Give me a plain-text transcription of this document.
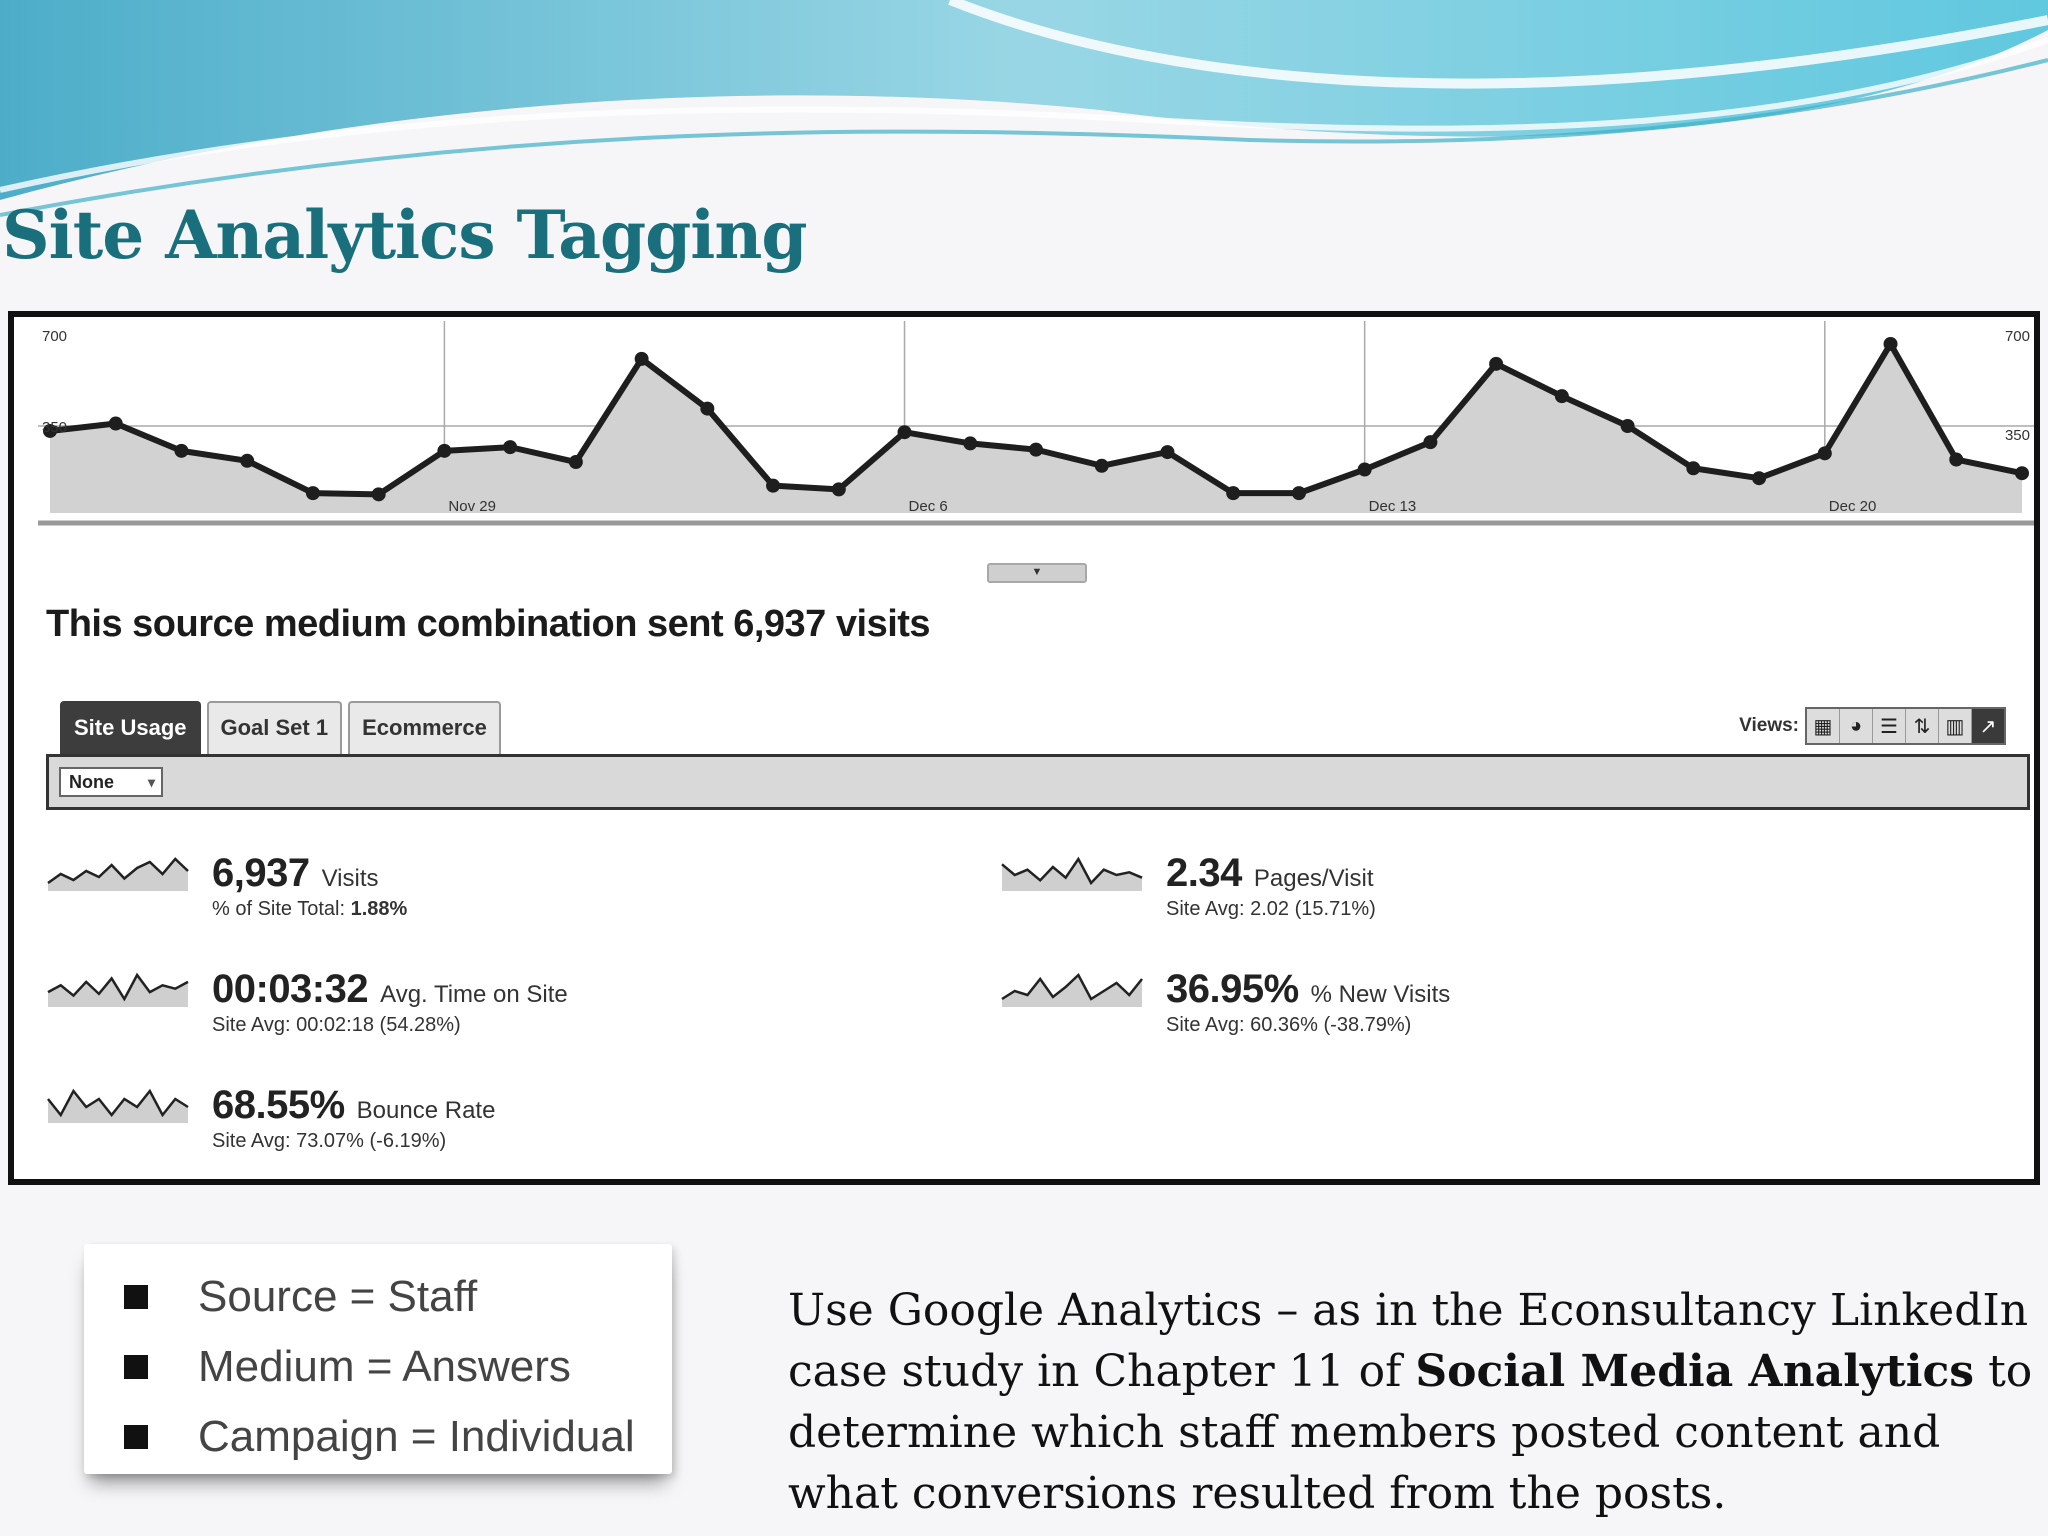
Site Analytics Tagging
700
350
700
350
Nov 29	Dec 6	Dec 13	Dec 20
▼
This source medium combination sent 6,937 visits
Site Usage	Goal Set 1	Ecommerce	Views: ▦ ◕ ☰ ⇅ ▥ ↗
None ▾
6,937 Visits
% of Site Total: 1.88%
2.34 Pages/Visit
Site Avg: 2.02 (15.71%)
00:03:32 Avg. Time on Site
Site Avg: 00:02:18 (54.28%)
36.95% % New Visits
Site Avg: 60.36% (-38.79%)
68.55% Bounce Rate
Site Avg: 73.07% (-6.19%)
Source = Staff
Medium = Answers
Campaign = Individual

Use Google Analytics – as in the Econsultancy LinkedIn case study in Chapter 11 of Social Media Analytics to determine which staff members posted content and what conversions resulted from the posts.
